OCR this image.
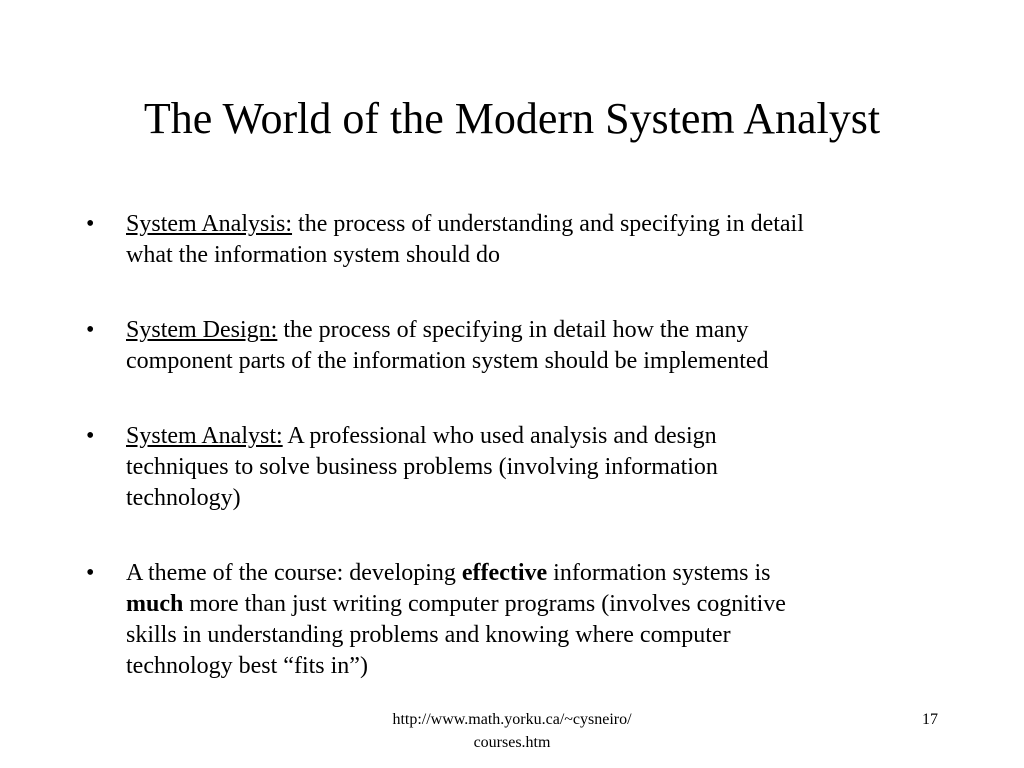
The World of the Modern System Analyst
• System Analysis: the process of understanding and specifying in detail
what the information system should do
• System Design: the process of specifying in detail how the many
component parts of the information system should be implemented
• System Analyst: A professional who used analysis and design
techniques to solve business problems (involving information
technology)
• A theme of the course: developing effective information systems is
much more than just writing computer programs (involves cognitive
skills in understanding problems and knowing where computer
technology best “fits in”)
http://www.math.yorku.ca/~cysneiro/
courses.htm
17
